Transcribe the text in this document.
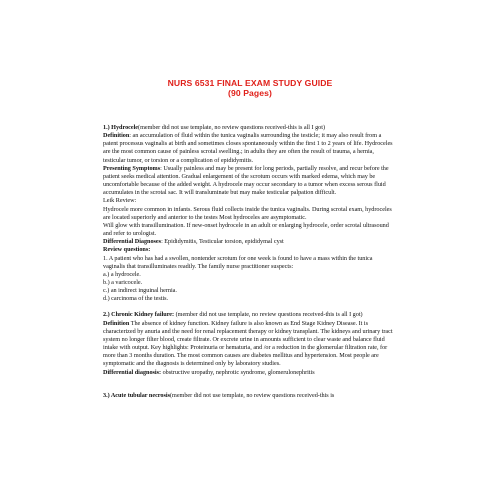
NURS 6531 FINAL EXAM STUDY GUIDE
(90 Pages)

1.) Hydrocele(member did not use template, no review questions received-this is all I got)

Definition: an accumulation of fluid within the tunica vaginalis surrounding the testicle; it may also result from a patent processus vaginalis at birth and sometimes closes spontaneously within the first 1 to 2 years of life. Hydroceles are the most common cause of painless scrotal swelling.; in adults they are often the result of trauma, a hernia, testicular tumor, or torsion or a complication of epididymitis.

Presenting Symptoms: Usually painless and may be present for long periods, partially resolve, and recur before the patient seeks medical attention. Gradual enlargement of the scrotum occurs with marked edema, which may be uncomfortable because of the added weight. A hydrocele may occur secondary to a tumor when excess serous fluid accumulates in the scrotal sac. It will transluminate but may make testicular palpation difficult.

Leik Review:

Hydrocele more common in infants. Serous fluid collects inside the tunica vaginalis. During scrotal exam, hydroceles are located superiorly and anterior to the testes Most hydroceles are asymptomatic.

Will glow with transillumination. If new-onset hydrocele in an adult or enlarging hydrocele, order scrotal ultrasound and refer to urologist.

Differential Diagnoses: Epididymitis, Testicular torsion, epididymal cyst

Review questions:

1. A patient who has had a swollen, nontender scrotum for one week is found to have a mass within the tunica vaginalis that transilluminates readily. The family nurse practitioner suspects:

a.) a hydrocele.

b.) a varicocele.

c.) an indirect inguinal hernia.

d.) carcinoma of the testis.

2.) Chronic Kidney failure: (member did not use template, no review questions received-this is all I got)

Definition The absence of kidney function. Kidney failure is also known as End Stage Kidney Disease. It is characterized by anuria and the need for renal replacement therapy or kidney transplant. The kidneys and urinary tract system no longer filter blood, create filtrate. Or excrete urine in amounts sufficient to clear waste and balance fluid intake with output. Key highlights: Proteinuria or hematuria, and /or a reduction in the glomerular filtration rate, for more than 3 months duration. The most common causes are diabetes mellitus and hypertension. Most people are symptomatic and the diagnosis is determined only by laboratory studies.

Differential diagnosis: obstructive uropathy, nephrotic syndrome, glomerulonephritis

3.) Acute tubular necrosis(member did not use template, no review questions received-this is
